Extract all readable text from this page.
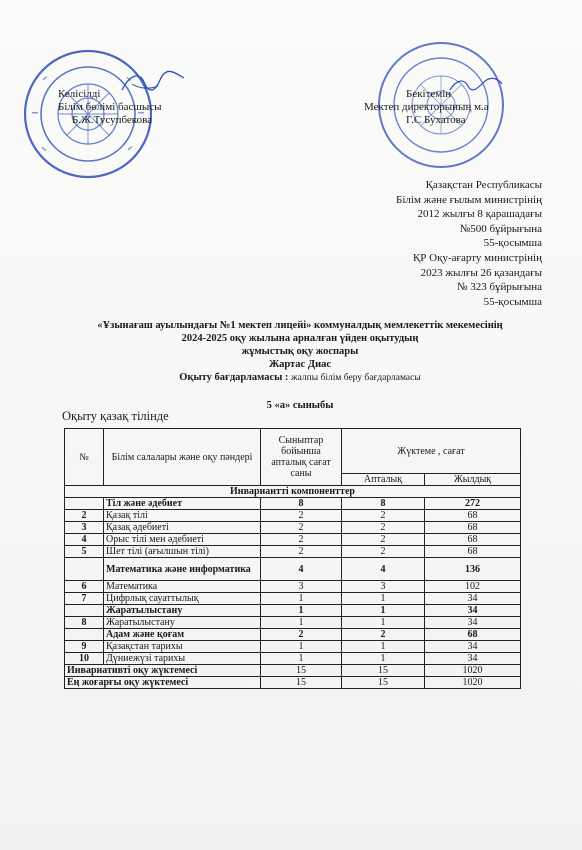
Келісілді
Білім бөлімі басшысы
Б.Ж.Тусупбекова
Бекітемін
Мектеп директорының м.а
Г.С Бухатова
Қазақстан Республикасы
Білім және ғылым министрінің
2012 жылғы 8 қарашадағы
№500 бұйрығына
55-қосымша
ҚР Оқу-ағарту министрінің
2023 жылғы 26 қазандағы
№ 323 бұйрығына
55-қосымша
«Ұзынағаш ауылындағы №1 мектеп лицейі» коммуналдық мемлекеттік мекемесінің
2024-2025 оқу жылына арналған үйден оқытудың
жұмыстық оқу жоспары
Жартас Диас
Оқыту бағдарламасы : жалпы білім беру бағдарламасы
5 «а» сыныбы
Оқыту қазақ тілінде
№	Білім салалары және оқу пәндері	Сыныптар бойынша апталық сағат саны	Жүктеме , сағат	
			Апталық	Жылдық
Инвариантті компоненттер				
	Тіл және әдебиет	8	8	272
2	Қазақ тілі	2	2	68
3	Қазақ әдебиеті	2	2	68
4	Орыс тілі мен әдебиеті	2	2	68
5	Шет тілі (ағылшын тілі)	2	2	68
	Математика және информатика	4	4	136
6	Математика	3	3	102
7	Цифрлық сауаттылық	1	1	34
	Жаратылыстану	1	1	34
8	Жаратылыстану	1	1	34
	Адам және қоғам	2	2	68
9	Қазақстан тарихы	1	1	34
10	Дүниежүзі тарихы	1	1	34
Инвариативті оқу жүктемесі		15	15	1020
Ең жоғарғы оқу жүктемесі		15	15	1020
